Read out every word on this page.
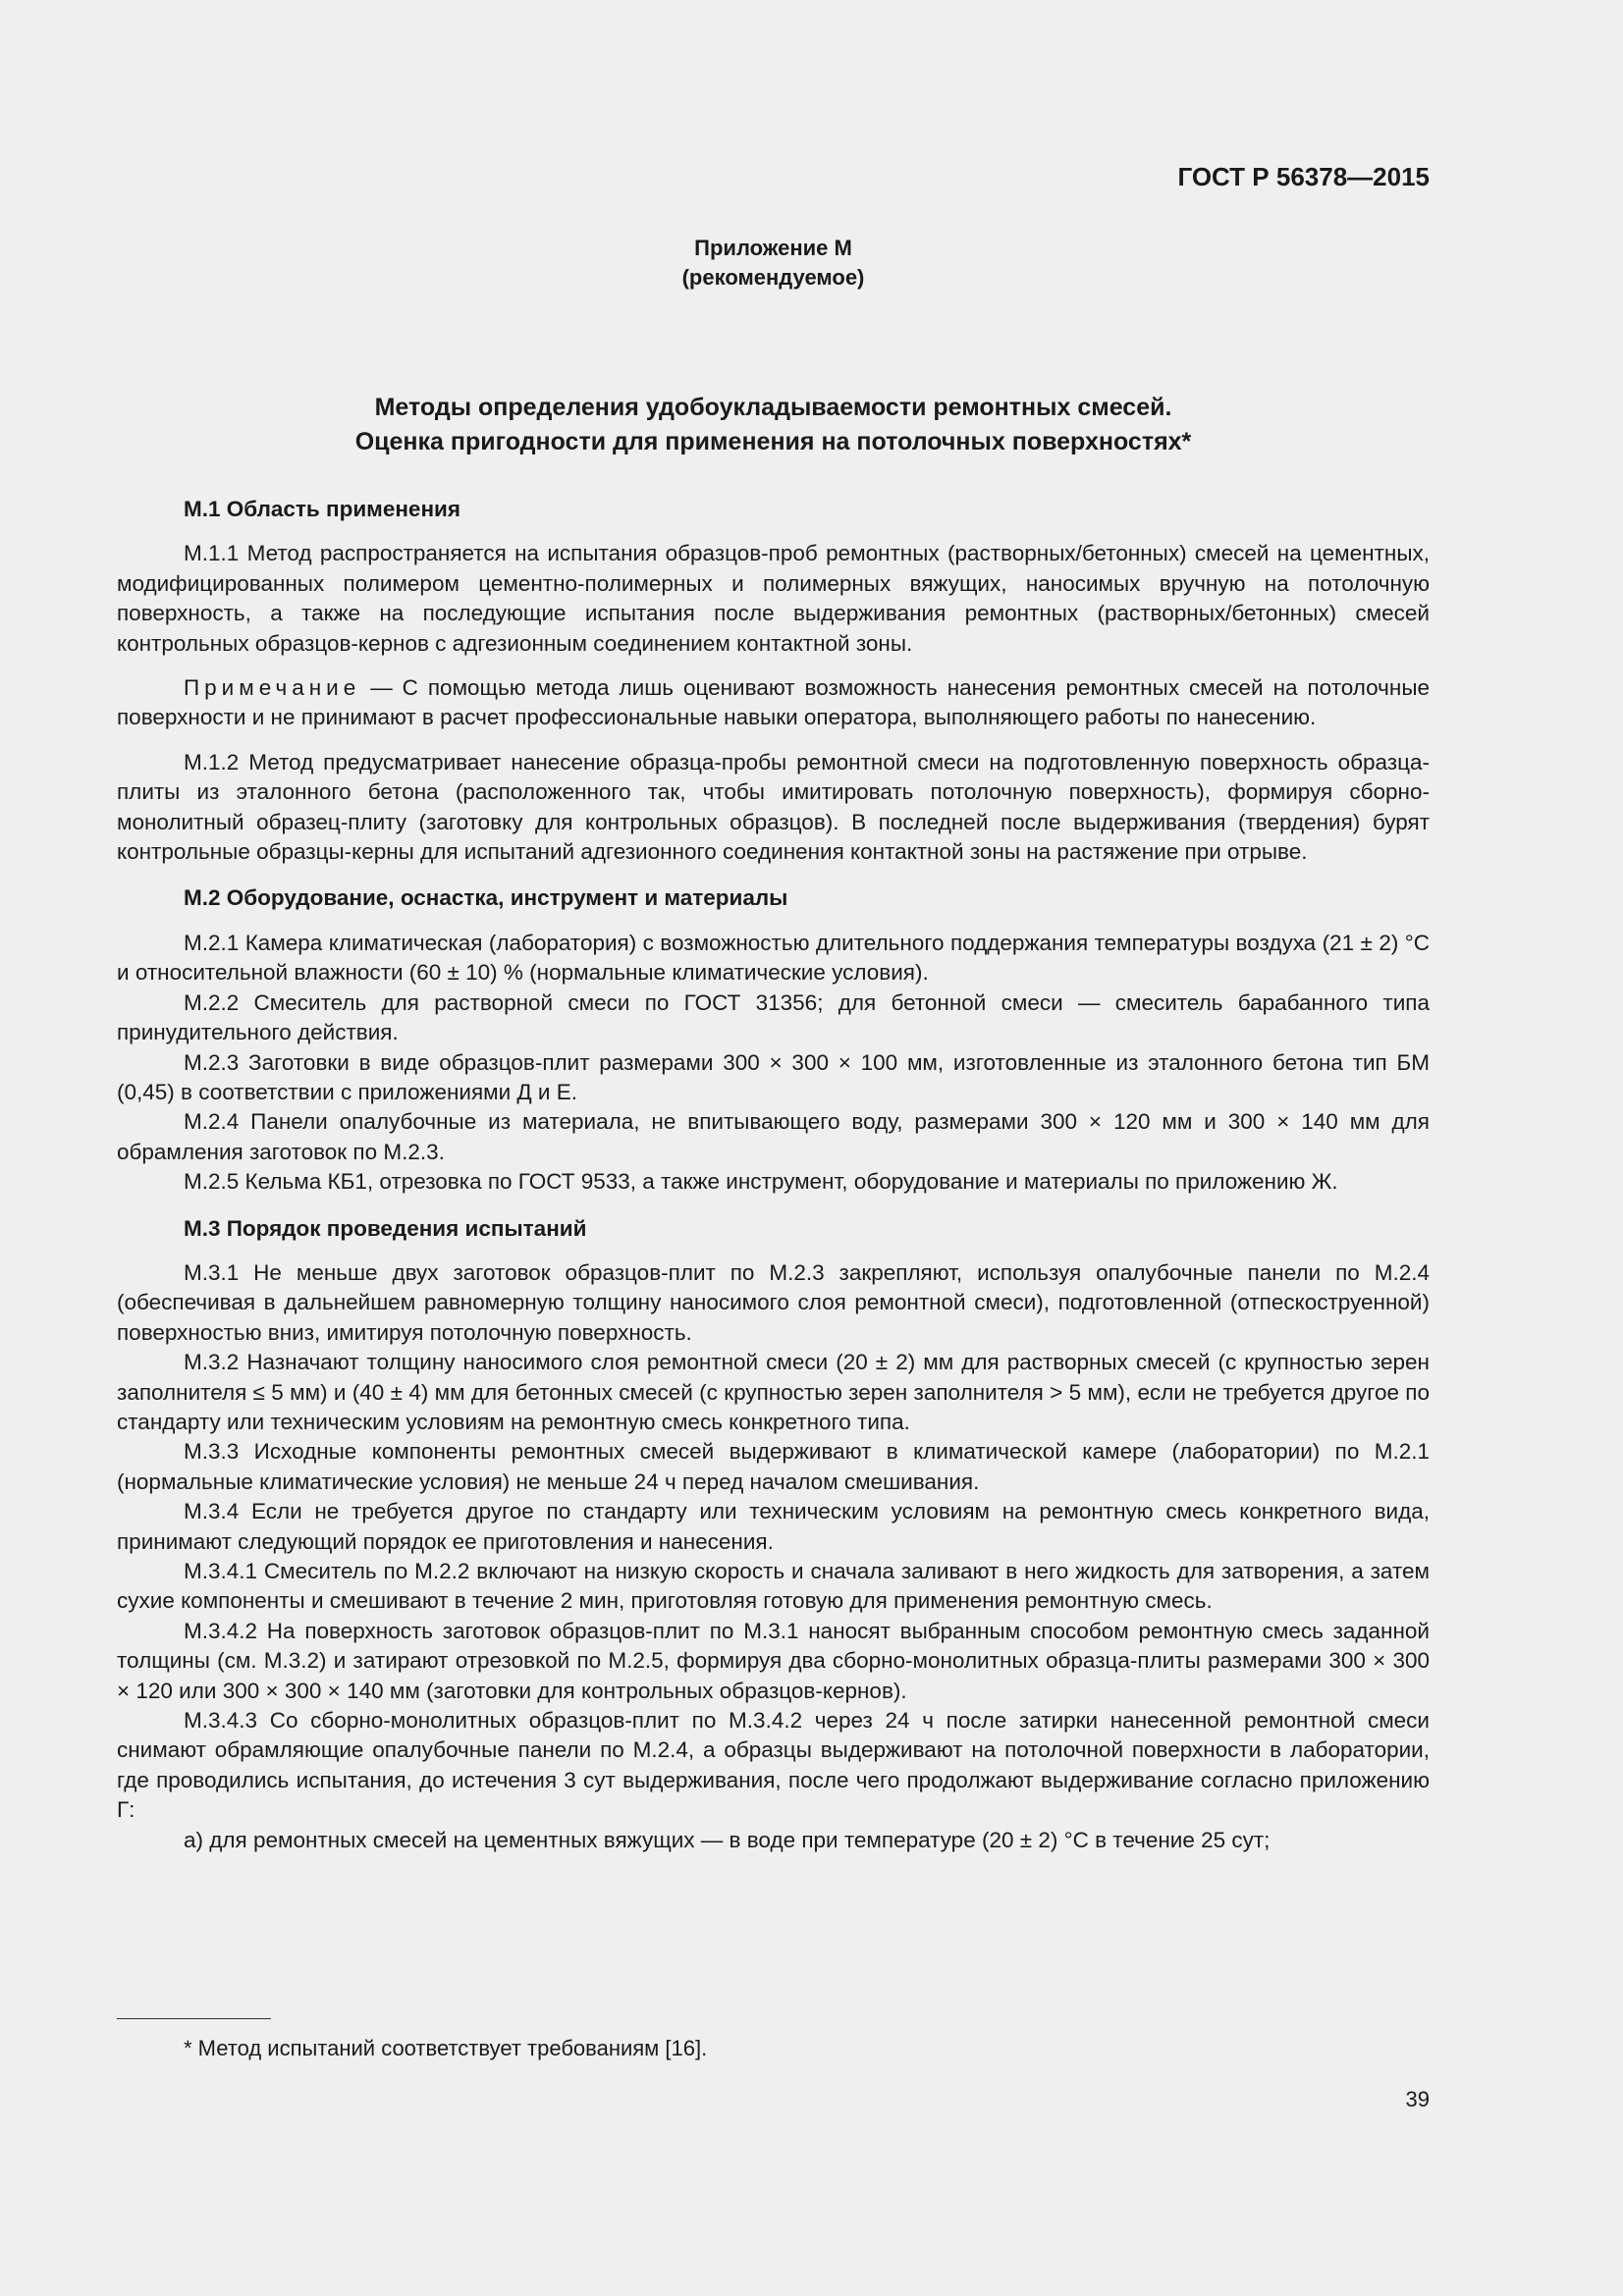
ГОСТ Р 56378—2015

Приложение М
(рекомендуемое)
Методы определения удобоукладываемости ремонтных смесей.
Оценка пригодности для применения на потолочных поверхностях*
М.1 Область применения

М.1.1 Метод распространяется на испытания образцов-проб ремонтных (растворных/бетонных) смесей на цементных, модифицированных полимером цементно-полимерных и полимерных вяжущих, наносимых вручную на потолочную поверхность, а также на последующие испытания после выдерживания ремонтных (растворных/бетонных) смесей контрольных образцов-кернов с адгезионным соединением контактной зоны.

Примечание — С помощью метода лишь оценивают возможность нанесения ремонтных смесей на потолочные поверхности и не принимают в расчет профессиональные навыки оператора, выполняющего работы по нанесению.

М.1.2 Метод предусматривает нанесение образца-пробы ремонтной смеси на подготовленную поверхность образца-плиты из эталонного бетона (расположенного так, чтобы имитировать потолочную поверхность), формируя сборно-монолитный образец-плиту (заготовку для контрольных образцов). В последней после выдерживания (твердения) бурят контрольные образцы-керны для испытаний адгезионного соединения контактной зоны на растяжение при отрыве.

М.2 Оборудование, оснастка, инструмент и материалы

М.2.1 Камера климатическая (лаборатория) с возможностью длительного поддержания температуры воздуха (21 ± 2) °С и относительной влажности (60 ± 10) % (нормальные климатические условия).

М.2.2 Смеситель для растворной смеси по ГОСТ 31356; для бетонной смеси — смеситель барабанного типа принудительного действия.

М.2.3 Заготовки в виде образцов-плит размерами 300 × 300 × 100 мм, изготовленные из эталонного бетона тип БМ (0,45) в соответствии с приложениями Д и Е.

М.2.4 Панели опалубочные из материала, не впитывающего воду, размерами 300 × 120 мм и 300 × 140 мм для обрамления заготовок по М.2.3.

М.2.5 Кельма КБ1, отрезовка по ГОСТ 9533, а также инструмент, оборудование и материалы по приложению Ж.

М.3 Порядок проведения испытаний

М.3.1 Не меньше двух заготовок образцов-плит по М.2.3 закрепляют, используя опалубочные панели по М.2.4 (обеспечивая в дальнейшем равномерную толщину наносимого слоя ремонтной смеси), подготовленной (отпескоструенной) поверхностью вниз, имитируя потолочную поверхность.

М.3.2 Назначают толщину наносимого слоя ремонтной смеси (20 ± 2) мм для растворных смесей (с крупностью зерен заполнителя ≤ 5 мм) и (40 ± 4) мм для бетонных смесей (с крупностью зерен заполнителя > 5 мм), если не требуется другое по стандарту или техническим условиям на ремонтную смесь конкретного типа.

М.3.3 Исходные компоненты ремонтных смесей выдерживают в климатической камере (лаборатории) по М.2.1 (нормальные климатические условия) не меньше 24 ч перед началом смешивания.

М.3.4 Если не требуется другое по стандарту или техническим условиям на ремонтную смесь конкретного вида, принимают следующий порядок ее приготовления и нанесения.

М.3.4.1 Смеситель по М.2.2 включают на низкую скорость и сначала заливают в него жидкость для затворения, а затем сухие компоненты и смешивают в течение 2 мин, приготовляя готовую для применения ремонтную смесь.

М.3.4.2 На поверхность заготовок образцов-плит по М.3.1 наносят выбранным способом ремонтную смесь заданной толщины (см. М.3.2) и затирают отрезовкой по М.2.5, формируя два сборно-монолитных образца-плиты размерами 300 × 300 × 120 или 300 × 300 × 140 мм (заготовки для контрольных образцов-кернов).

М.3.4.3 Со сборно-монолитных образцов-плит по М.3.4.2 через 24 ч после затирки нанесенной ремонтной смеси снимают обрамляющие опалубочные панели по М.2.4, а образцы выдерживают на потолочной поверхности в лаборатории, где проводились испытания, до истечения 3 сут выдерживания, после чего продолжают выдерживание согласно приложению Г:

а) для ремонтных смесей на цементных вяжущих — в воде при температуре (20 ± 2) °С в течение 25 сут;

* Метод испытаний соответствует требованиям [16].

39
